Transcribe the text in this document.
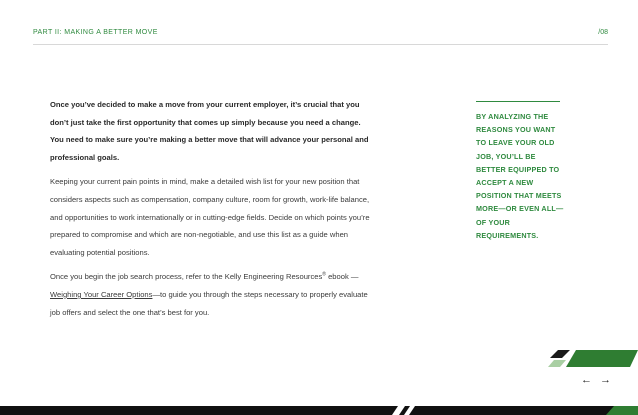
PART II: MAKING A BETTER MOVE	/08

Once you’ve decided to make a move from your current employer, it’s crucial that you don’t just take the first opportunity that comes up simply because you need a change. You need to make sure you’re making a better move that will advance your personal and professional goals.

Keeping your current pain points in mind, make a detailed wish list for your new position that considers aspects such as compensation, company culture, room for growth, work-life balance, and opportunities to work internationally or in cutting-edge fields. Decide on which points you’re prepared to compromise and which are non-negotiable, and use this list as a guide when evaluating potential positions.

Once you begin the job search process, refer to the Kelly Engineering Resources® ebook —Weighing Your Career Options—to guide you through the steps necessary to properly evaluate job offers and select the one that’s best for you.

BY ANALYZING THE REASONS YOU WANT TO LEAVE YOUR OLD JOB, YOU’LL BE BETTER EQUIPPED TO ACCEPT A NEW POSITION THAT MEETS MORE—OR EVEN ALL—OF YOUR REQUIREMENTS.
← →
